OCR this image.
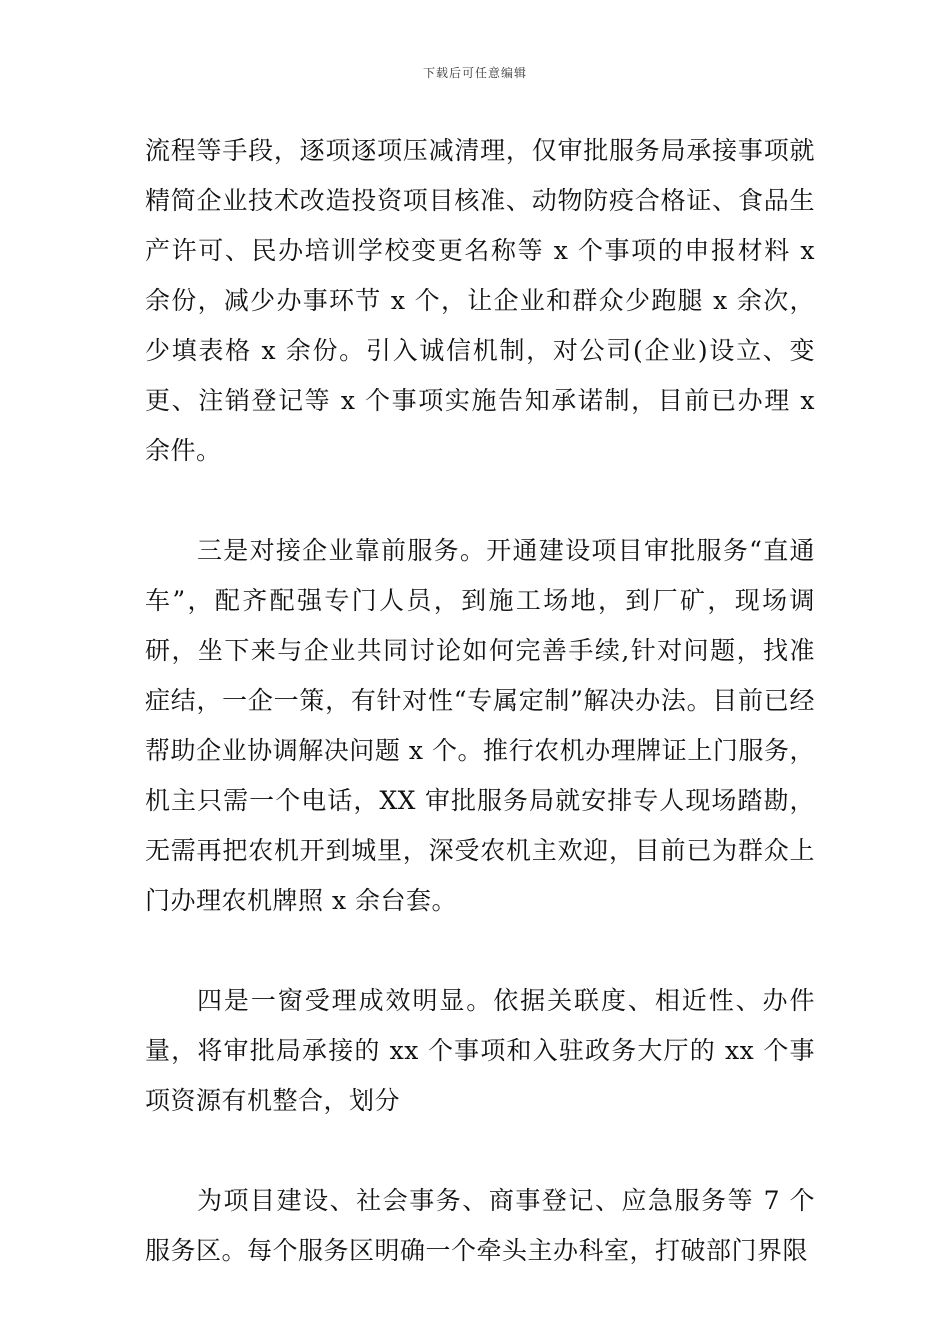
下载后可任意编辑

流程等手段，逐项逐项压减清理，仅审批服务局承接事项就精简企业技术改造投资项目核准、动物防疫合格证、食品生产许可、民办培训学校变更名称等 x 个事项的申报材料 x 余份，减少办事环节 x 个，让企业和群众少跑腿 x 余次，少填表格 x 余份。引入诚信机制，对公司(企业)设立、变更、注销登记等 x 个事项实施告知承诺制，目前已办理 x 余件。

三是对接企业靠前服务。开通建设项目审批服务“直通车”，配齐配强专门人员，到施工场地，到厂矿，现场调研，坐下来与企业共同讨论如何完善手续,针对问题，找准症结，一企一策，有针对性“专属定制”解决办法。目前已经帮助企业协调解决问题 x 个。推行农机办理牌证上门服务，机主只需一个电话，XX 审批服务局就安排专人现场踏勘，无需再把农机开到城里，深受农机主欢迎，目前已为群众上门办理农机牌照 x 余台套。

四是一窗受理成效明显。依据关联度、相近性、办件量，将审批局承接的 xx 个事项和入驻政务大厅的 xx 个事项资源有机整合，划分

为项目建设、社会事务、商事登记、应急服务等 7 个服务区。每个服务区明确一个牵头主办科室，打破部门界限
